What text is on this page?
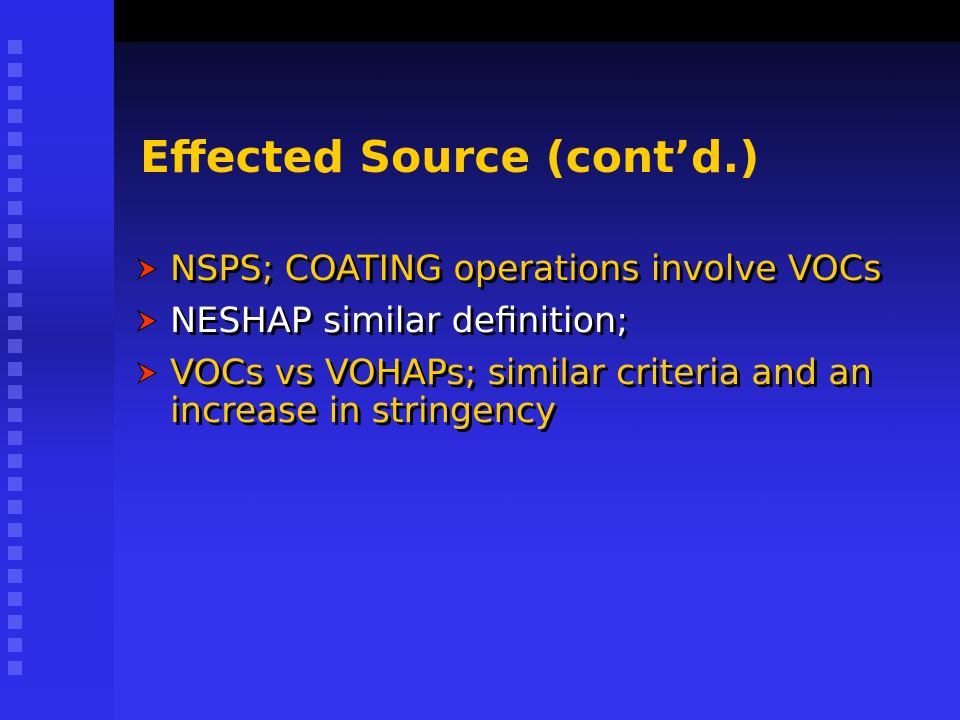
Effected Source (cont’d.)
NSPS; COATING operations involve VOCs
NESHAP similar definition;
VOCs vs VOHAPs; similar criteria and an increase in stringency
